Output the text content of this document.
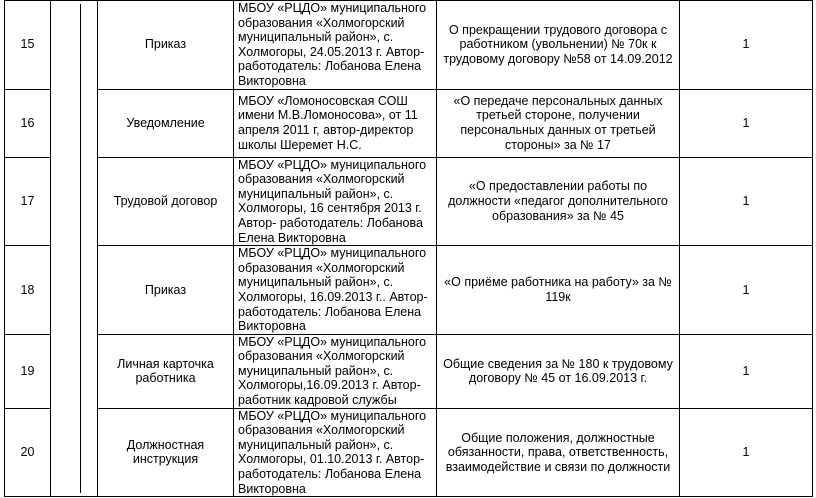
15		Приказ	МБОУ «РЦДО» муниципального образования «Холмогорский муниципальный район», с. Холмогоры, 24.05.2013 г. Автор-работодатель: Лобанова Елена Викторовна	О прекращении трудового договора с работником (увольнении) № 70к к трудовому договору №58 от 14.09.2012	1
16		Уведомление	МБОУ «Ломоносовская СОШ имени М.В.Ломоносова», от 11 апреля 2011 г, автор-директор школы Шеремет Н.С.	«О передаче персональных данных третьей стороне, получении персональных данных от третьей стороны» за № 17	1
17		Трудовой договор	МБОУ «РЦДО» муниципального образования «Холмогорский муниципальный район», с. Холмогоры, 16 сентября 2013 г. Автор- работодатель: Лобанова Елена Викторовна	«О предоставлении работы по должности «педагог дополнительного образования» за № 45	1
18		Приказ	МБОУ «РЦДО» муниципального образования «Холмогорский муниципальный район», с. Холмогоры, 16.09.2013 г.. Автор-работодатель: Лобанова Елена Викторовна	«О приёме работника на работу» за № 119к	1
19		Личная карточка работника	МБОУ «РЦДО» муниципального образования «Холмогорский муниципальный район», с. Холмогоры,16.09.2013 г. Автор-работник кадровой службы	Общие сведения за № 180 к трудовому договору № 45 от 16.09.2013 г.	1
20		Должностная инструкция	МБОУ «РЦДО» муниципального образования «Холмогорский муниципальный район», с. Холмогоры, 01.10.2013 г. Автор-работодатель: Лобанова Елена Викторовна	Общие положения, должностные обязанности, права, ответственность, взаимодействие и связи по должности	1
